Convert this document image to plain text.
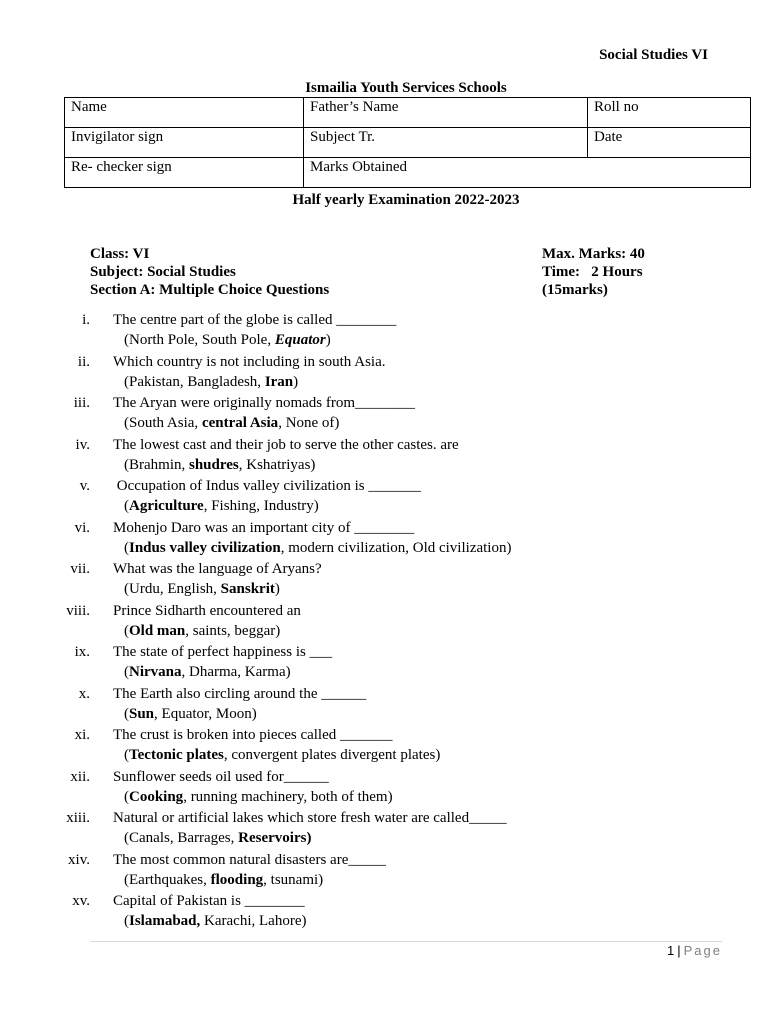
Social Studies VI
Ismailia Youth Services Schools
Name	Father’s Name	Roll no
Invigilator sign	Subject Tr.	Date
Re- checker sign	Marks Obtained	
Half yearly Examination 2022-2023
Class: VI
Subject: Social Studies
Section A: Multiple Choice Questions
Max. Marks: 40
Time:   2 Hours
(15marks)
i. The centre part of the globe is called ________
(North Pole, South Pole, Equator)
ii. Which country is not including in south Asia.
(Pakistan, Bangladesh, Iran)
iii. The Aryan were originally nomads from________
(South Asia, central Asia, None of)
iv. The lowest cast and their job to serve the other castes. are
(Brahmin, shudres, Kshatriyas)
v. Occupation of Indus valley civilization is _______
(Agriculture, Fishing, Industry)
vi. Mohenjo Daro was an important city of ________
(Indus valley civilization, modern civilization, Old civilization)
vii. What was the language of Aryans?
(Urdu, English, Sanskrit)
viii. Prince Sidharth encountered an
(Old man, saints, beggar)
ix. The state of perfect happiness is ___
(Nirvana, Dharma, Karma)
x. The Earth also circling around the ______
(Sun, Equator, Moon)
xi. The crust is broken into pieces called _______
(Tectonic plates, convergent plates divergent plates)
xii. Sunflower seeds oil used for______
(Cooking, running machinery, both of them)
xiii. Natural or artificial lakes which store fresh water are called_____
(Canals, Barrages, Reservoirs)
xiv. The most common natural disasters are_____
(Earthquakes, flooding, tsunami)
xv. Capital of Pakistan is ________
(Islamabad, Karachi, Lahore)
1 | Page
